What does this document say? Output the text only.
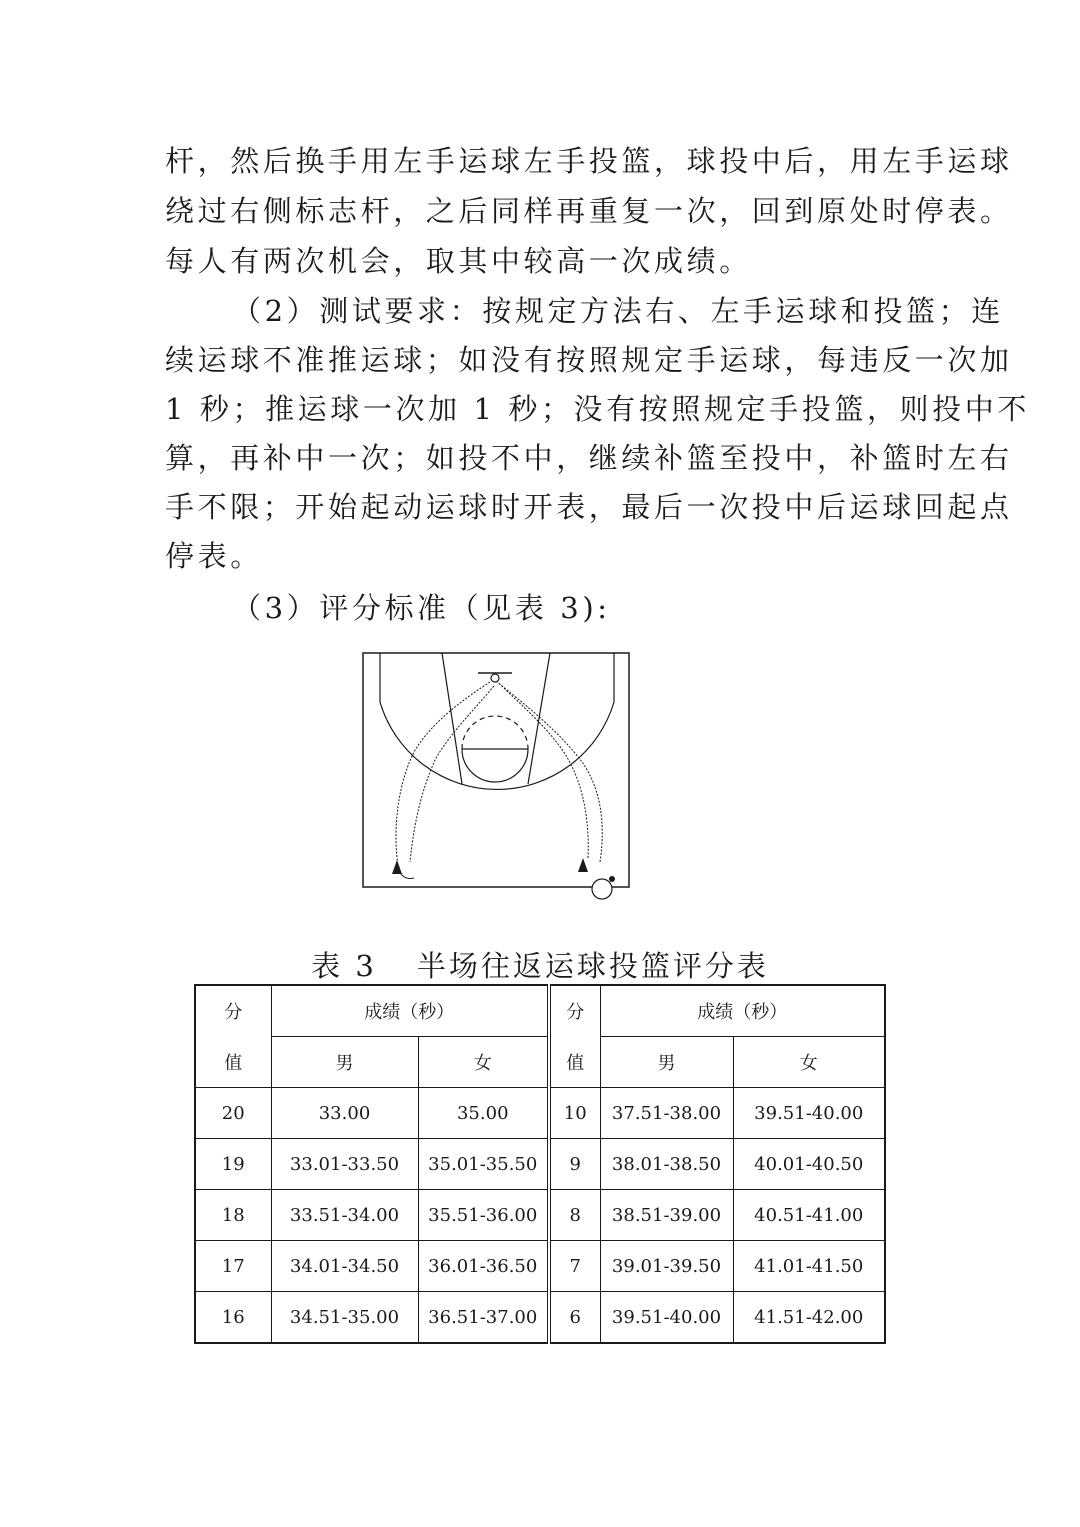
杆，然后换手用左手运球左手投篮，球投中后，用左手运球
绕过右侧标志杆，之后同样再重复一次，回到原处时停表。
每人有两次机会，取其中较高一次成绩。
（2）测试要求：按规定方法右、左手运球和投篮；连
续运球不准推运球；如没有按照规定手运球，每违反一次加
1 秒；推运球一次加 1 秒；没有按照规定手投篮，则投中不
算，再补中一次；如投不中，继续补篮至投中，补篮时左右
手不限；开始起动运球时开表，最后一次投中后运球回起点
停表。
（3）评分标准（见表 3):
表 3 半场往返运球投篮评分表
分	成绩（秒）		分	成绩（秒）	
值	男	女	值	男	女
20	33.00	35.00	10	37.51-38.00	39.51-40.00
19	33.01-33.50	35.01-35.50	9	38.01-38.50	40.01-40.50
18	33.51-34.00	35.51-36.00	8	38.51-39.00	40.51-41.00
17	34.01-34.50	36.01-36.50	7	39.01-39.50	41.01-41.50
16	34.51-35.00	36.51-37.00	6	39.51-40.00	41.51-42.00
